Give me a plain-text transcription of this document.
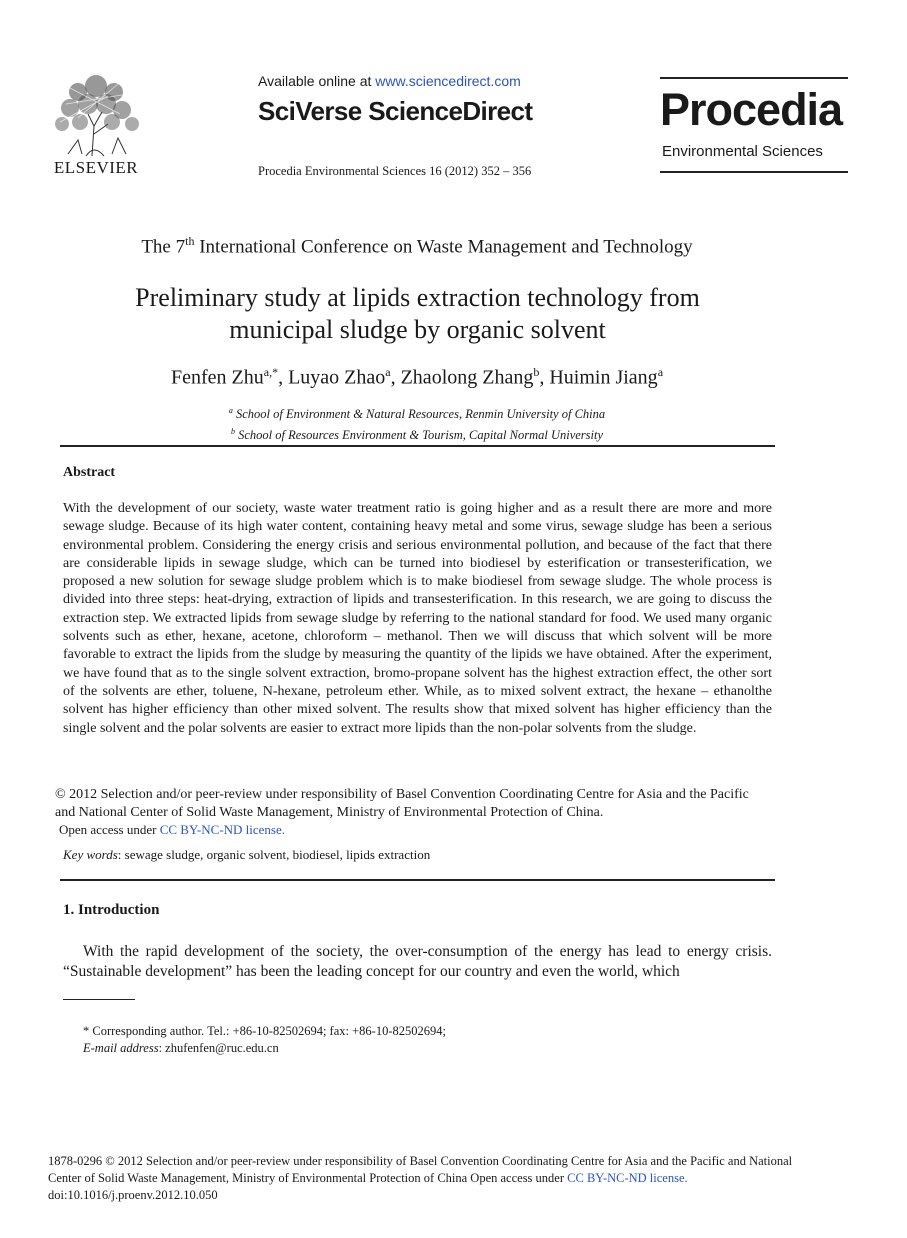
ELSEVIER
Available online at www.sciencedirect.com
SciVerse ScienceDirect
Procedia Environmental Sciences 16 (2012) 352 – 356
Procedia
Environmental Sciences
The 7th International Conference on Waste Management and Technology
Preliminary study at lipids extraction technology from
municipal sludge by organic solvent
Fenfen Zhu$^{a,*}$, Luyao Zhao$^a$, Zhaolong Zhang$^b$, Huimin Jiang$^a$
$^a$ School of Environment & Natural Resources, Renmin University of China
$^b$ School of Resources Environment & Tourism, Capital Normal University
Abstract
With the development of our society, waste water treatment ratio is going higher and as a result there are more and more sewage sludge. Because of its high water content, containing heavy metal and some virus, sewage sludge has been a serious environmental problem. Considering the energy crisis and serious environmental pollution, and because of the fact that there are considerable lipids in sewage sludge, which can be turned into biodiesel by esterification or transesterification, we proposed a new solution for sewage sludge problem which is to make biodiesel from sewage sludge. The whole process is divided into three steps: heat-drying, extraction of lipids and transesterification. In this research, we are going to discuss the extraction step. We extracted lipids from sewage sludge by referring to the national standard for food. We used many organic solvents such as ether, hexane, acetone, chloroform – methanol. Then we will discuss that which solvent will be more favorable to extract the lipids from the sludge by measuring the quantity of the lipids we have obtained. After the experiment, we have found that as to the single solvent extraction, bromo-propane solvent has the highest extraction effect, the other sort of the solvents are ether, toluene, N-hexane, petroleum ether. While, as to mixed solvent extract, the hexane – ethanolthe solvent has higher efficiency than other mixed solvent. The results show that mixed solvent has higher efficiency than the single solvent and the polar solvents are easier to extract more lipids than the non-polar solvents from the sludge.
© 2012 Selection and/or peer-review under responsibility of Basel Convention Coordinating Centre for Asia and the Pacific
and National Center of Solid Waste Management, Ministry of Environmental Protection of China.
Open access under CC BY-NC-ND license.
Key words: sewage sludge, organic solvent, biodiesel, lipids extraction
1. Introduction
With the rapid development of the society, the over-consumption of the energy has lead to energy crisis. “Sustainable development” has been the leading concept for our country and even the world, which
* Corresponding author. Tel.: +86-10-82502694; fax: +86-10-82502694;
E-mail address: zhufenfen@ruc.edu.cn
1878-0296 © 2012 Selection and/or peer-review under responsibility of Basel Convention Coordinating Centre for Asia and the Pacific and National
Center of Solid Waste Management, Ministry of Environmental Protection of China Open access under CC BY-NC-ND license.
doi:10.1016/j.proenv.2012.10.050
